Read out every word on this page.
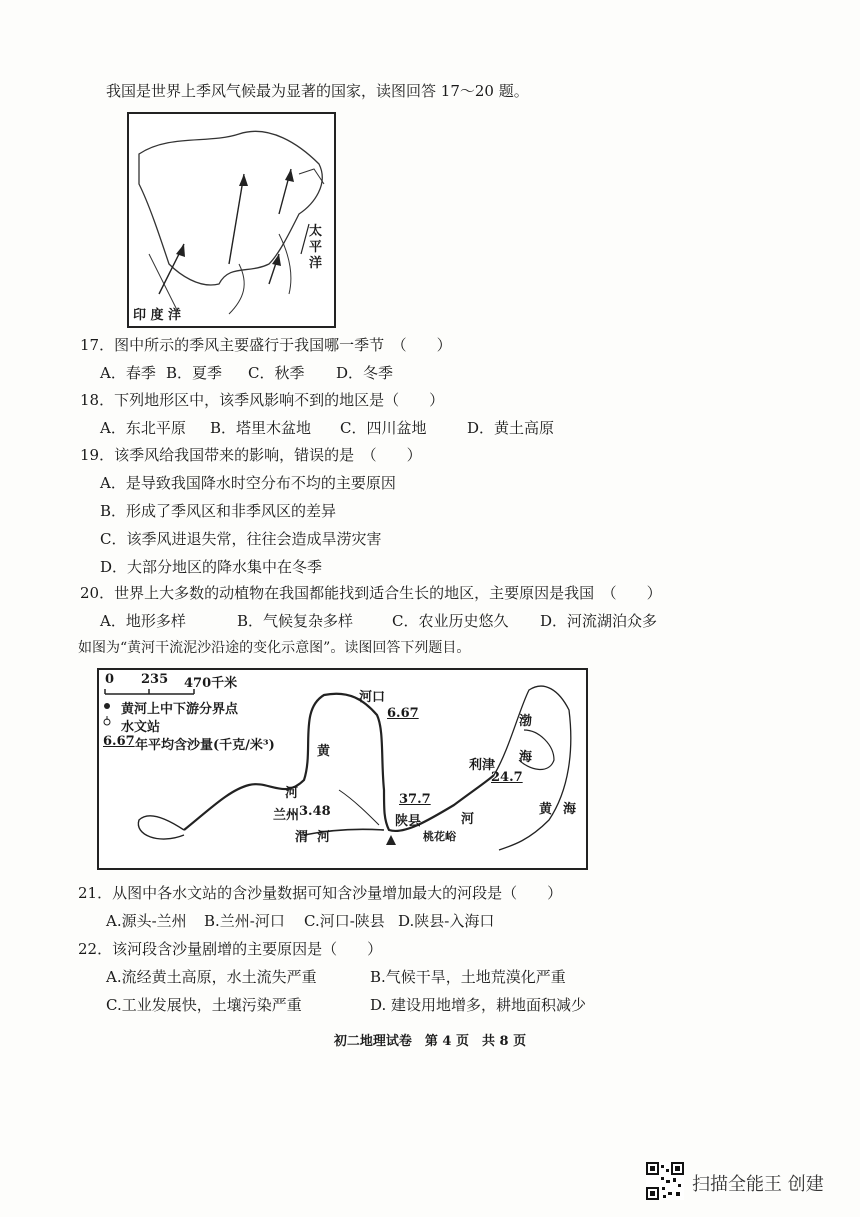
我国是世界上季风气候最为显著的国家，读图回答 17～20 题。
印 度 洋
太
平
洋
17．图中所示的季风主要盛行于我国哪一季节　（　　）
A．春季 B．夏季	C．秋季	D．冬季
18．下列地形区中，该季风影响不到的地区是（　　）
A．东北平原	B．塔里木盆地	C．四川盆地	D．黄土高原
19．该季风给我国带来的影响，错误的是　（　　）
A．是导致我国降水时空分布不均的主要原因
B．形成了季风区和非季风区的差异
C．该季风进退失常，往往会造成旱涝灾害
D．大部分地区的降水集中在冬季
20．世界上大多数的动植物在我国都能找到适合生长的地区，主要原因是我国　（　　）
A．地形多样	B．气候复杂多样	C．农业历史悠久	D．河流湖泊众多
如图为“黄河干流泥沙沿途的变化示意图”。读图回答下列题目。
0 235 470千米
黄河上中下游分界点
水文站
6.67 年平均含沙量(千克/米³)
河口
6.67
兰州 3.48
陕县
37.7
利津
24.7
桃花峪
黄
河
渭 河
河
渤
海
黄 海
21．从图中各水文站的含沙量数据可知含沙量增加最大的河段是（　　）
A.源头-兰州	B.兰州-河口	C.河口-陕县 D.陕县-入海口
22．该河段含沙量剧增的主要原因是（　　）
A.流经黄土高原，水土流失严重	B.气候干旱，土地荒漠化严重
C.工业发展快，土壤污染严重	D. 建设用地增多，耕地面积减少
初二地理试卷　第 4 页　共 8 页
扫描全能王 创建
